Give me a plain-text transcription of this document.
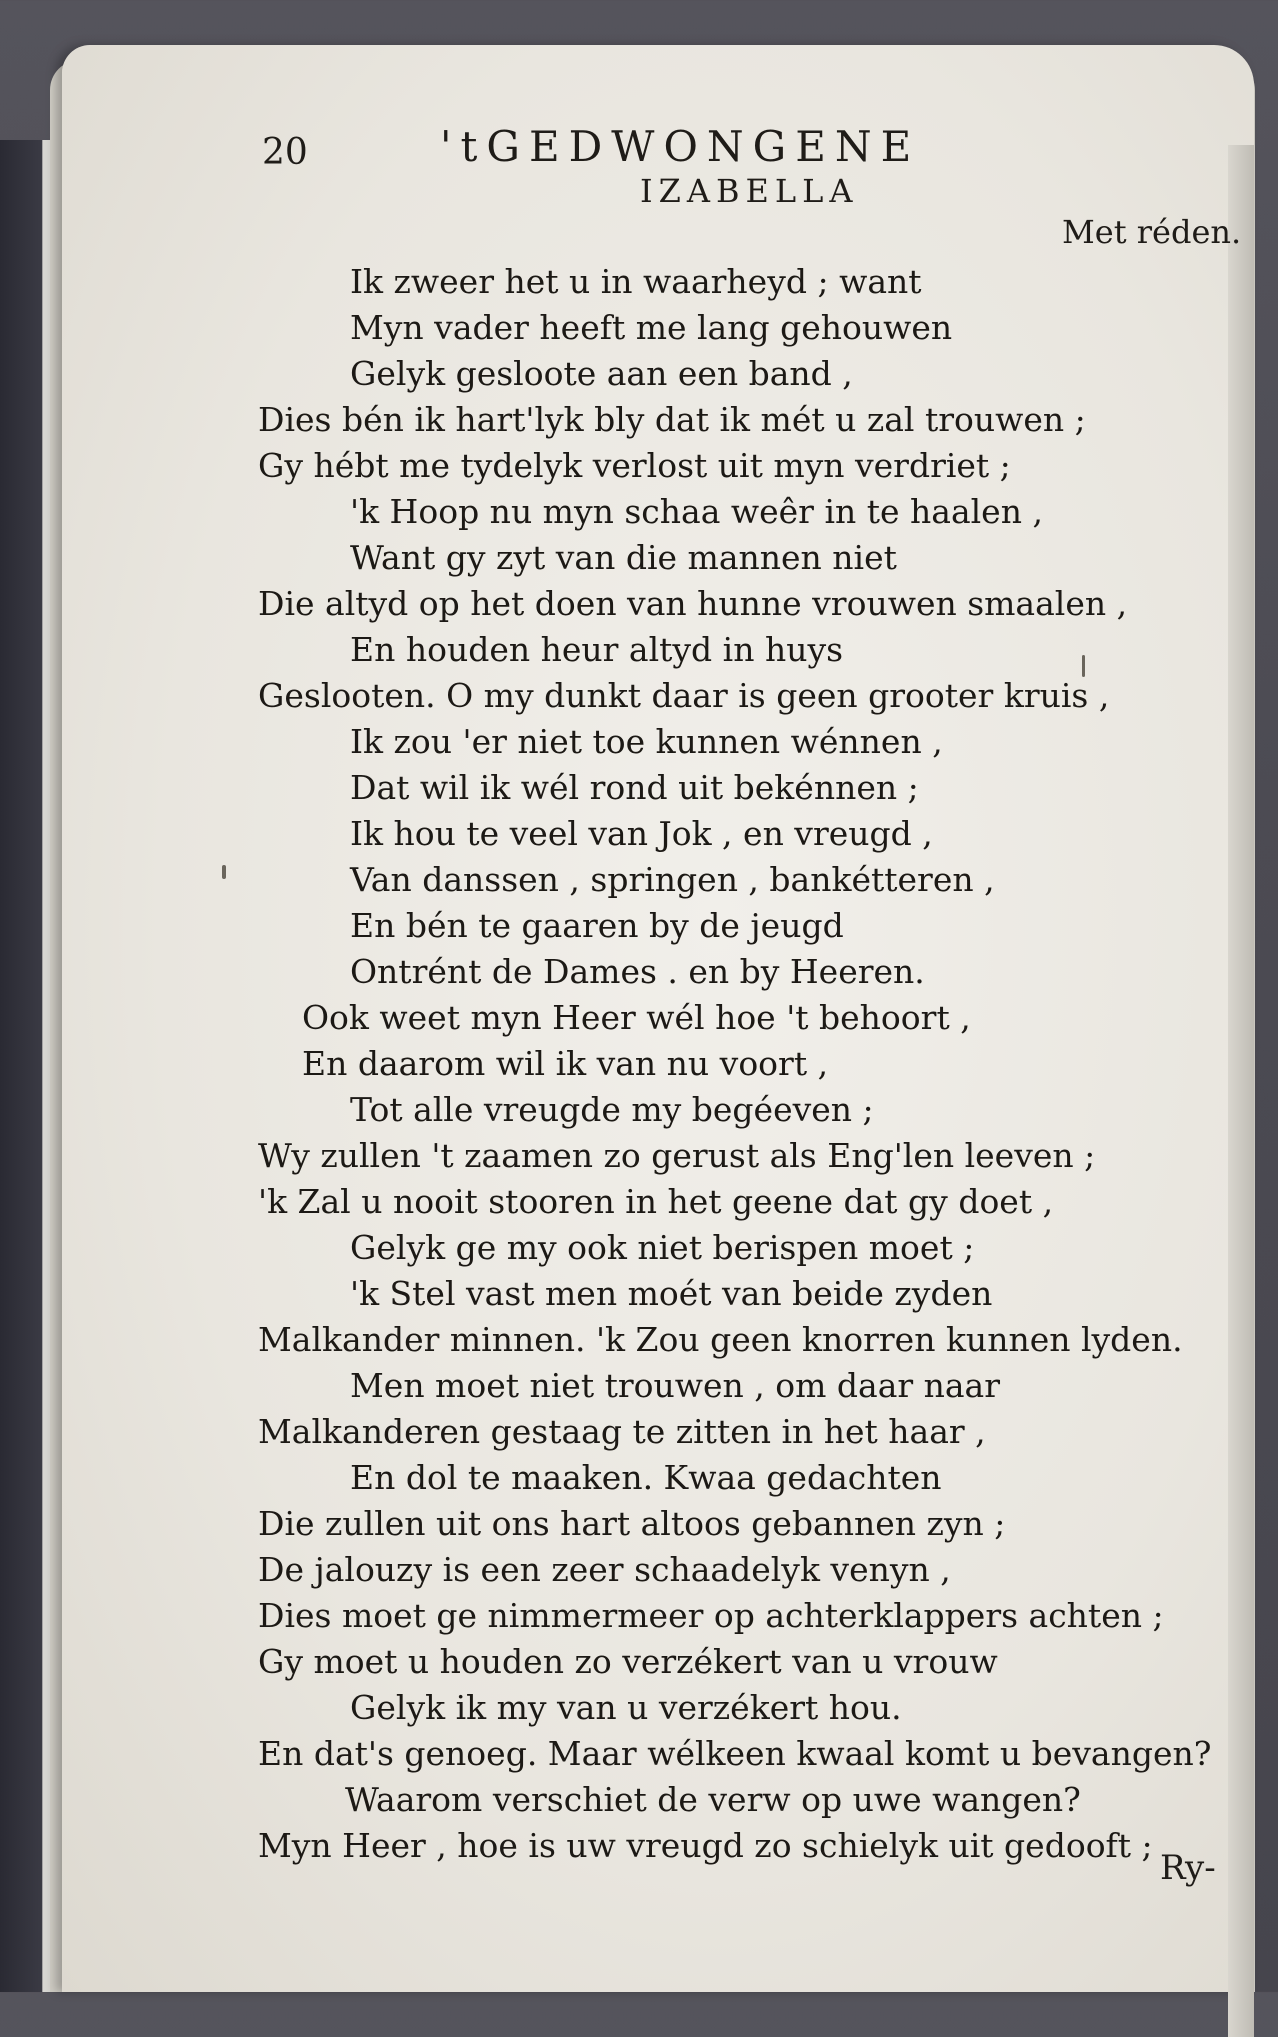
20	'tGEDWONGENE
IZABELLA
Met réden.
Ik zweer het u in waarheyd ; want
Myn vader heeft me lang gehouwen
Gelyk gesloote aan een band ,
Dies bén ik hart'lyk bly dat ik mét u zal trouwen ;
Gy hébt me tydelyk verlost uit myn verdriet ;
'k Hoop nu myn schaa weêr in te haalen ,
Want gy zyt van die mannen niet
Die altyd op het doen van hunne vrouwen smaalen ,
En houden heur altyd in huys
Geslooten. O my dunkt daar is geen grooter kruis ,
Ik zou 'er niet toe kunnen wénnen ,
Dat wil ik wél rond uit bekénnen ;
Ik hou te veel van Jok , en vreugd ,
Van danssen , springen , bankétteren ,
En bén te gaaren by de jeugd
Ontrént de Dames . en by Heeren.
Ook weet myn Heer wél hoe 't behoort ,
En daarom wil ik van nu voort ,
Tot alle vreugde my begéeven ;
Wy zullen 't zaamen zo gerust als Eng'len leeven ;
'k Zal u nooit stooren in het geene dat gy doet ,
Gelyk ge my ook niet berispen moet ;
'k Stel vast men moét van beide zyden
Malkander minnen. 'k Zou geen knorren kunnen lyden.
Men moet niet trouwen , om daar naar
Malkanderen gestaag te zitten in het haar ,
En dol te maaken. Kwaa gedachten
Die zullen uit ons hart altoos gebannen zyn ;
De jalouzy is een zeer schaadelyk venyn ,
Dies moet ge nimmermeer op achterklappers achten ;
Gy moet u houden zo verzékert van u vrouw
Gelyk ik my van u verzékert hou.
En dat's genoeg. Maar wélkeen kwaal komt u bevangen?
Waarom verschiet de verw op uwe wangen?
Myn Heer , hoe is uw vreugd zo schielyk uit gedooft ;
Ry-
